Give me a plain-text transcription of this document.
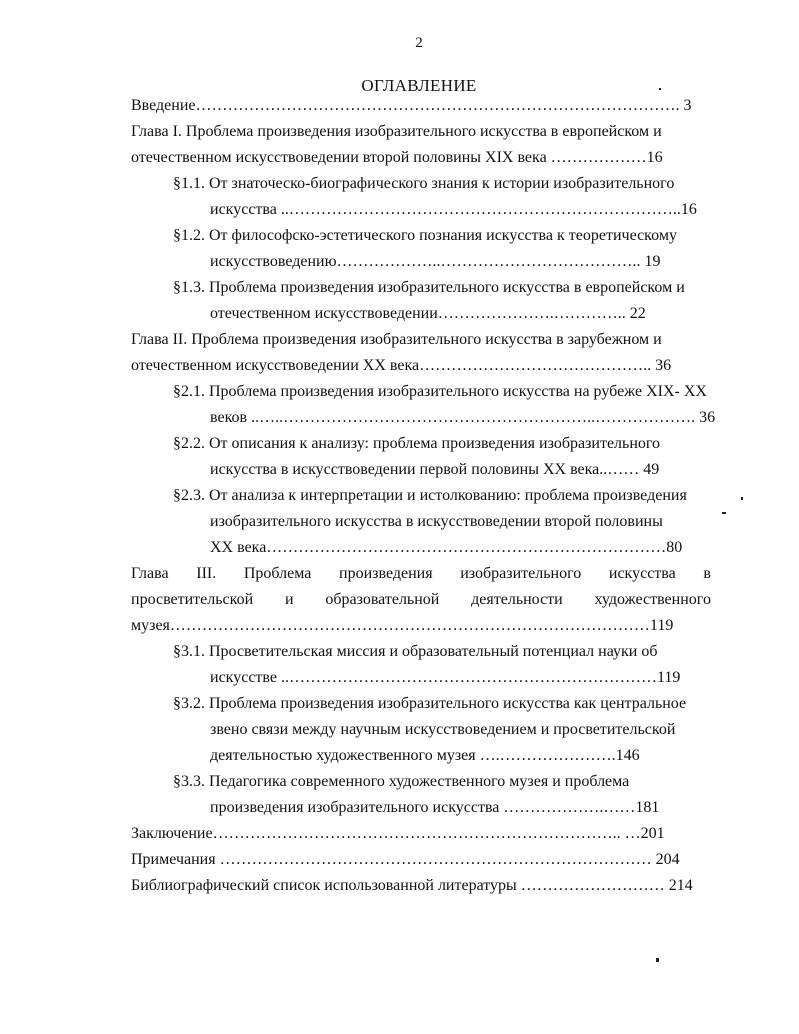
2
ОГЛАВЛЕНИЕ
Введение………………………………………………………………………………. 3
Глава I. Проблема произведения изобразительного искусства в европейском и
отечественном искусствоведении второй половины XIX века ………………16
§1.1. От знаточеско-биографического знания к истории изобразительного
искусства ..………………………………………………………………..16
§1.2. От философско-эстетического познания искусства к теоретическому
искусствоведению………………..……………………………….. 19
§1.3. Проблема произведения изобразительного искусства в европейском и
отечественном искусствоведении………………….………….. 22
Глава II. Проблема произведения изобразительного искусства в зарубежном и
отечественном искусствоведении XX века…………………………………….. 36
§2.1. Проблема произведения изобразительного искусства на рубеже XIX- XX
веков ..…..…………………………………………………..………………. 36
§2.2. От описания к анализу: проблема произведения изобразительного
искусства в искусствоведении первой половины XX века..…… 49
§2.3. От анализа к интерпретации и истолкованию: проблема произведения
изобразительного искусства в искусствоведении второй половины
XX века…………………………………………………………………80
Глава III. Проблема произведения изобразительного искусства в
просветительской и образовательной деятельности художественного
музея………………………………………………………………………………119
§3.1. Просветительская миссия и образовательный потенциал науки об
искусстве ..……………………………………………………………119
§3.2. Проблема произведения изобразительного искусства как центральное
звено связи между научным искусствоведением и просветительской
деятельностью художественного музея ….………………….146
§3.3. Педагогика современного художественного музея и проблема
произведения изобразительного искусства ……………….……181
Заключение………………………………………………………………….. …201
Примечания ……………………………………………………………………… 204
Библиографический список использованной литературы ……………………… 214
